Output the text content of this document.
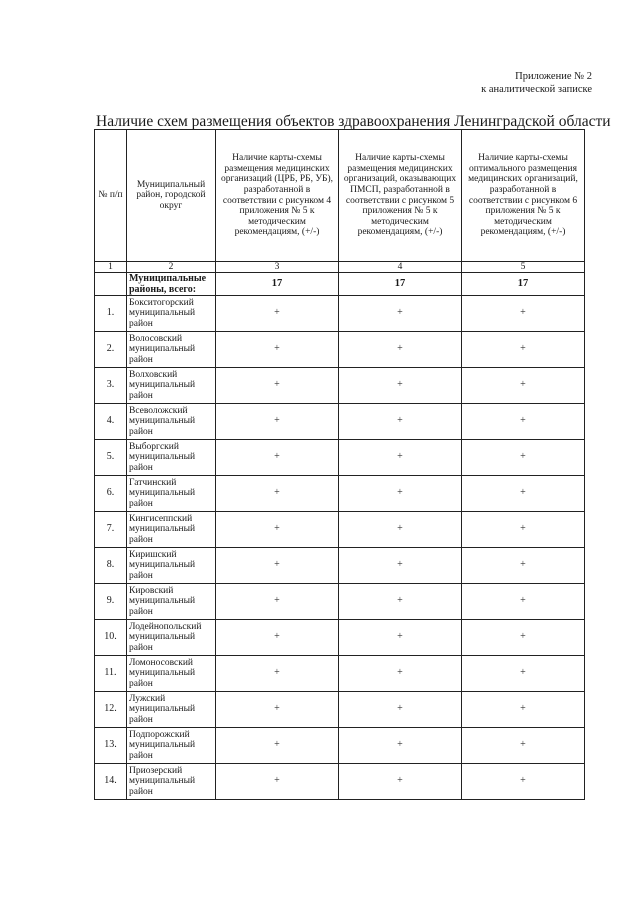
Приложение № 2
к аналитической записке
Наличие схем размещения объектов здравоохранения Ленинградской области
№ п/п	Муниципальный район, городской округ	Наличие карты-схемы размещения медицинских организаций (ЦРБ, РБ, УБ), разработанной в соответствии с рисунком 4 приложения № 5 к методическим рекомендациям, (+/-)	Наличие карты-схемы размещения медицинских организаций, оказывающих ПМСП, разработанной в соответствии с рисунком 5 приложения № 5 к методическим рекомендациям, (+/-)	Наличие карты-схемы оптимального размещения медицинских организаций, разработанной в соответствии с рисунком 6 приложения № 5 к методическим рекомендациям, (+/-)
1	2	3	4	5
	Муниципальные районы, всего:	17	17	17
1.	Бокситогорский муниципальный район	+	+	+
2.	Волосовский муниципальный район	+	+	+
3.	Волховский муниципальный район	+	+	+
4.	Всеволожский муниципальный район	+	+	+
5.	Выборгский муниципальный район	+	+	+
6.	Гатчинский муниципальный район	+	+	+
7.	Кингисеппский муниципальный район	+	+	+
8.	Киришский муниципальный район	+	+	+
9.	Кировский муниципальный район	+	+	+
10.	Лодейнопольский муниципальный район	+	+	+
11.	Ломоносовский муниципальный район	+	+	+
12.	Лужский муниципальный район	+	+	+
13.	Подпорожский муниципальный район	+	+	+
14.	Приозерский муниципальный район	+	+	+
